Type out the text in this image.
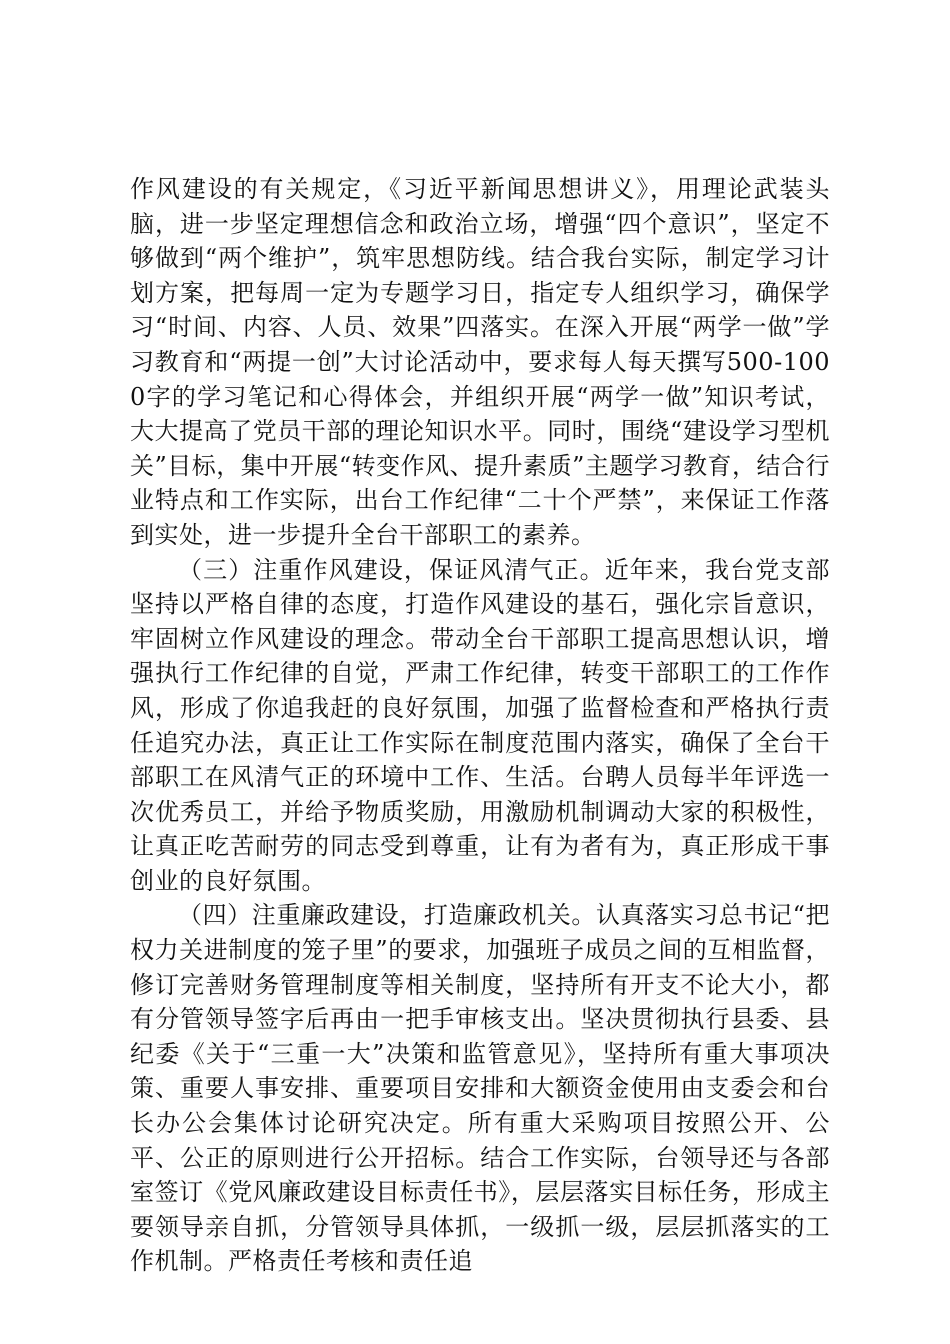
作风建设的有关规定，《习近平新闻思想讲义》，用理论武装头脑，进一步坚定理想信念和政治立场，增强“四个意识”，坚定不够做到“两个维护”，筑牢思想防线。结合我台实际，制定学习计划方案，把每周一定为专题学习日，指定专人组织学习，确保学习“时间、内容、人员、效果”四落实。在深入开展“两学一做”学习教育和“两提一创”大讨论活动中，要求每人每天撰写500-1000字的学习笔记和心得体会，并组织开展“两学一做”知识考试，大大提高了党员干部的理论知识水平。同时，围绕“建设学习型机关”目标，集中开展“转变作风、提升素质”主题学习教育，结合行业特点和工作实际，出台工作纪律“二十个严禁”，来保证工作落到实处，进一步提升全台干部职工的素养。

（三）注重作风建设，保证风清气正。近年来，我台党支部坚持以严格自律的态度，打造作风建设的基石，强化宗旨意识，牢固树立作风建设的理念。带动全台干部职工提高思想认识，增强执行工作纪律的自觉，严肃工作纪律，转变干部职工的工作作风，形成了你追我赶的良好氛围，加强了监督检查和严格执行责任追究办法，真正让工作实际在制度范围内落实，确保了全台干部职工在风清气正的环境中工作、生活。台聘人员每半年评选一次优秀员工，并给予物质奖励，用激励机制调动大家的积极性，让真正吃苦耐劳的同志受到尊重，让有为者有为，真正形成干事创业的良好氛围。

（四）注重廉政建设，打造廉政机关。认真落实习总书记“把权力关进制度的笼子里”的要求，加强班子成员之间的互相监督，修订完善财务管理制度等相关制度，坚持所有开支不论大小，都有分管领导签字后再由一把手审核支出。坚决贯彻执行县委、县纪委《关于“三重一大”决策和监管意见》，坚持所有重大事项决策、重要人事安排、重要项目安排和大额资金使用由支委会和台长办公会集体讨论研究决定。所有重大采购项目按照公开、公平、公正的原则进行公开招标。结合工作实际，台领导还与各部室签订《党风廉政建设目标责任书》，层层落实目标任务，形成主要领导亲自抓，分管领导具体抓，一级抓一级，层层抓落实的工作机制。严格责任考核和责任追
